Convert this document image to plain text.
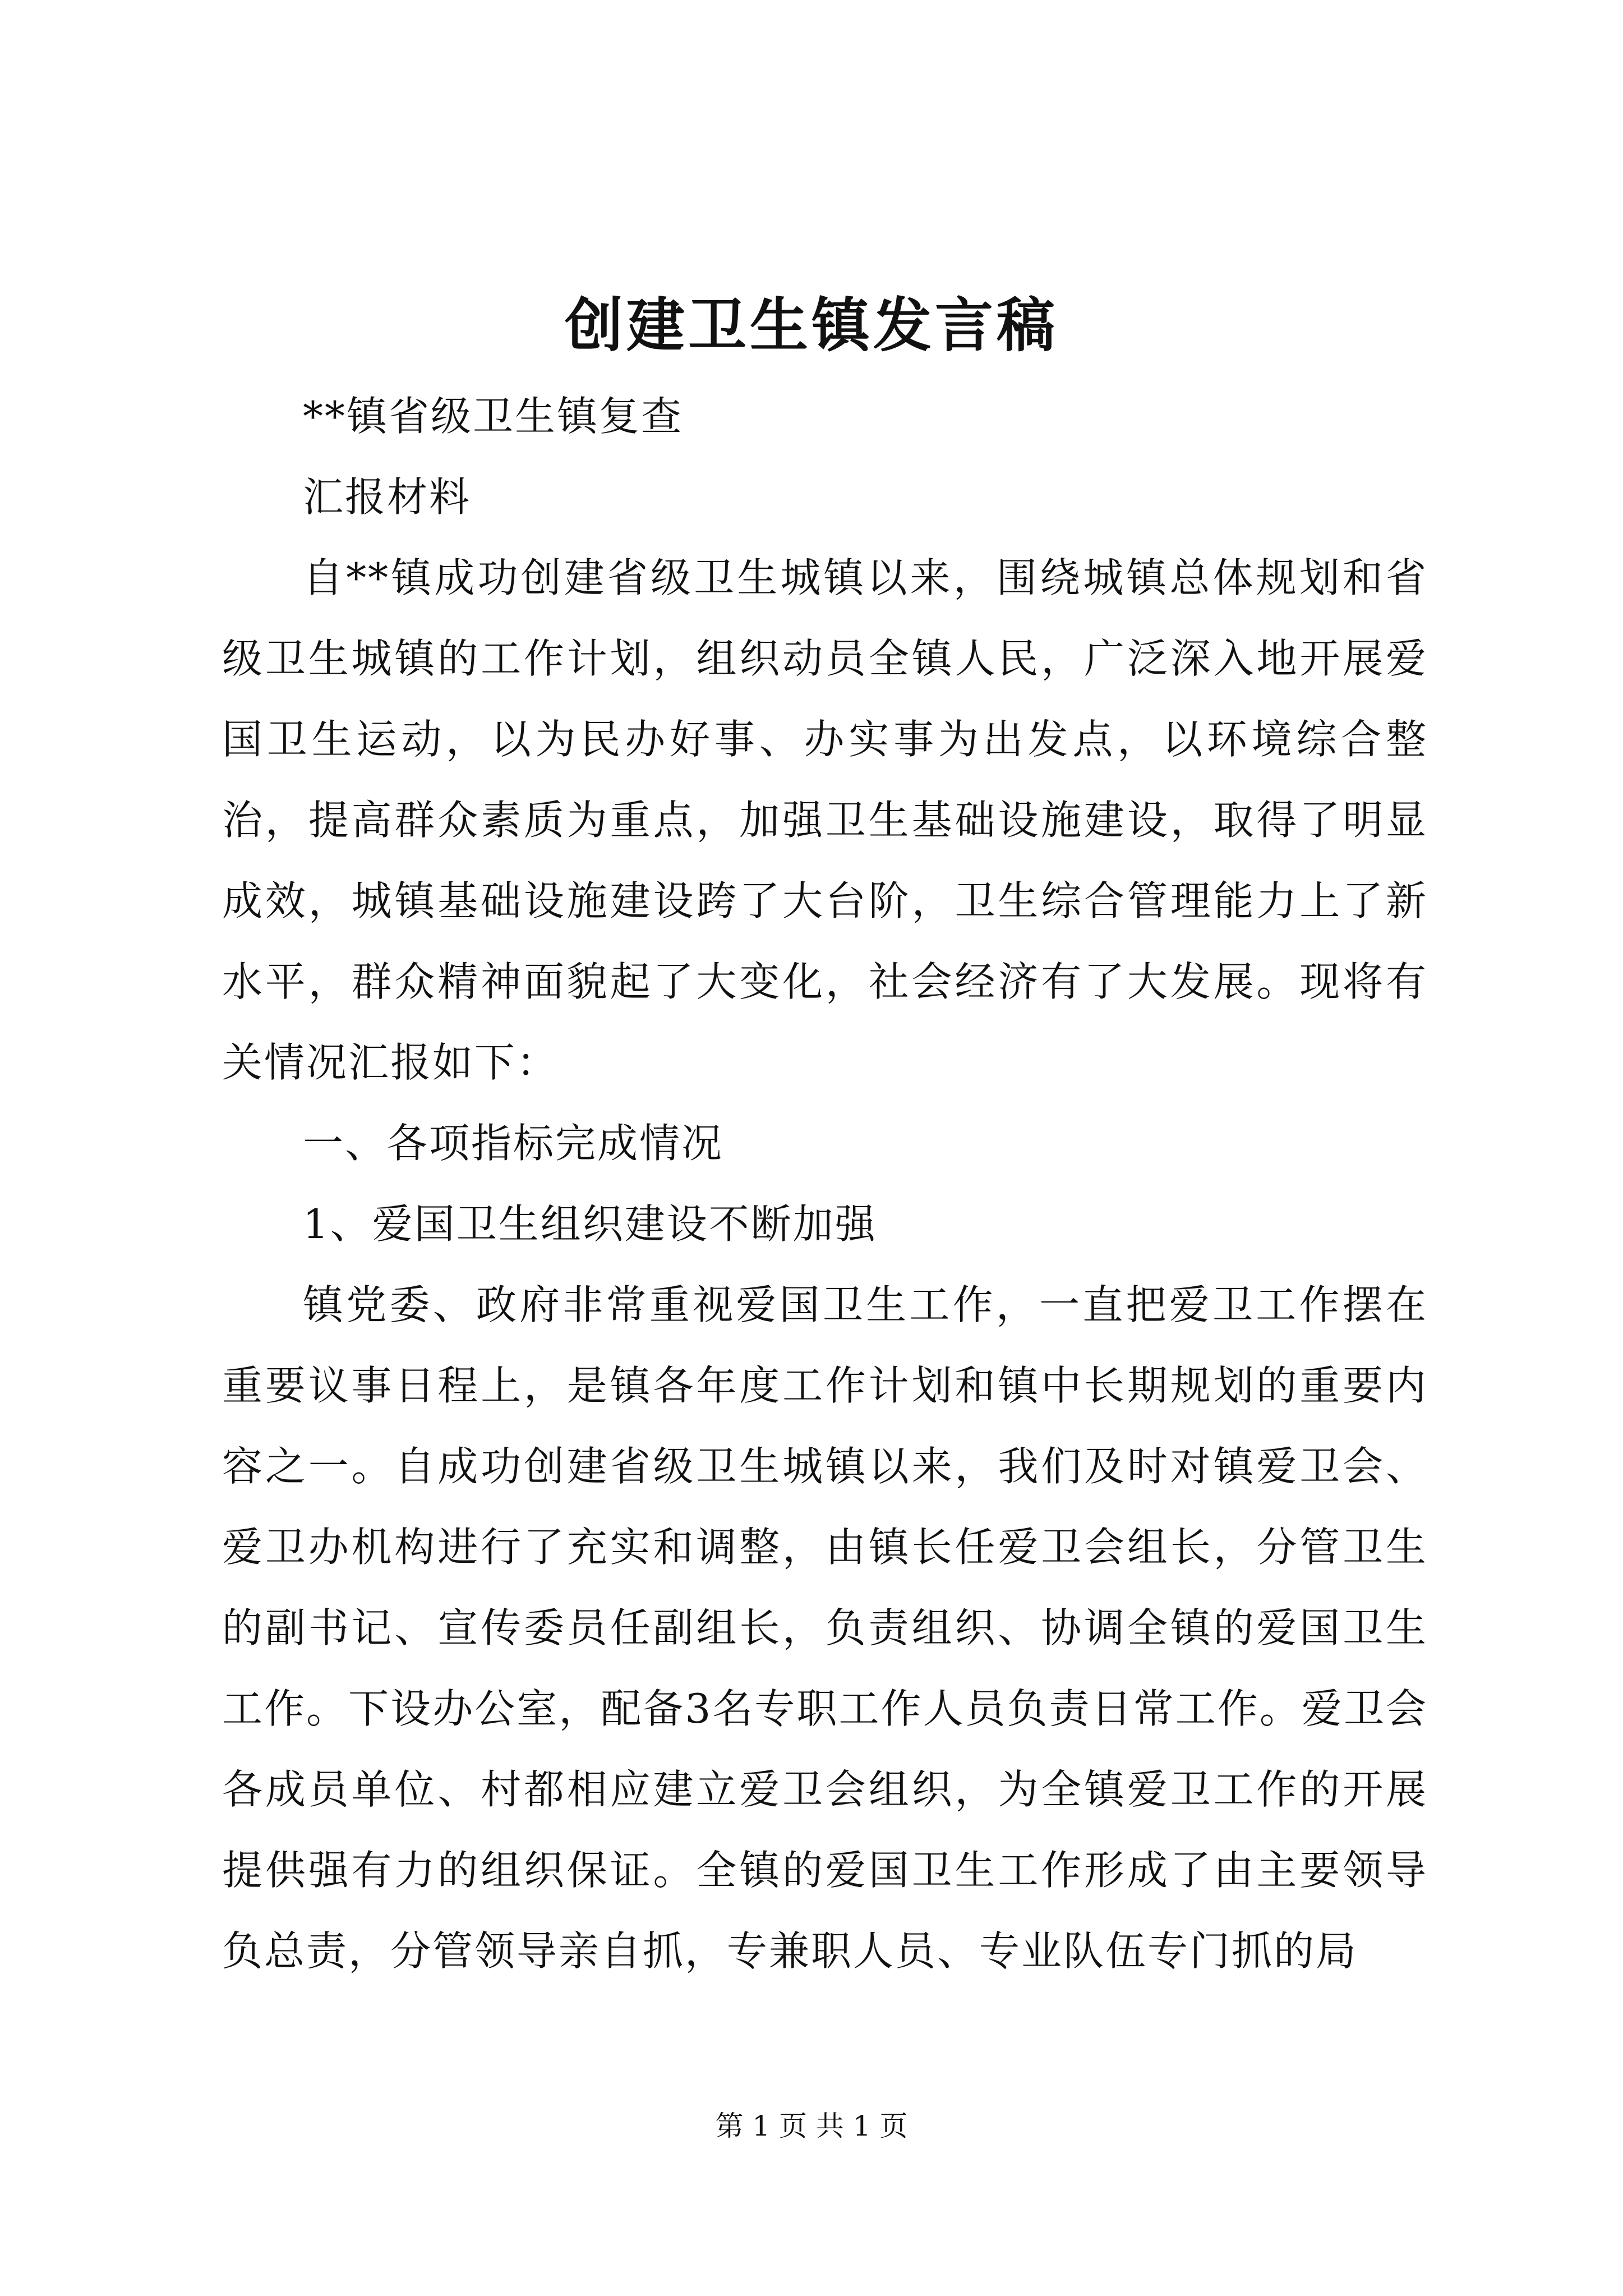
创建卫生镇发言稿

**镇省级卫生镇复查

汇报材料

自**镇成功创建省级卫生城镇以来，围绕城镇总体规划和省级卫生城镇的工作计划，组织动员全镇人民，广泛深入地开展爱国卫生运动，以为民办好事、办实事为出发点，以环境综合整治，提高群众素质为重点，加强卫生基础设施建设，取得了明显成效，城镇基础设施建设跨了大台阶，卫生综合管理能力上了新水平，群众精神面貌起了大变化，社会经济有了大发展。现将有关情况汇报如下：

一、各项指标完成情况

1、爱国卫生组织建设不断加强

镇党委、政府非常重视爱国卫生工作，一直把爱卫工作摆在重要议事日程上，是镇各年度工作计划和镇中长期规划的重要内容之一。自成功创建省级卫生城镇以来，我们及时对镇爱卫会、爱卫办机构进行了充实和调整，由镇长任爱卫会组长，分管卫生的副书记、宣传委员任副组长，负责组织、协调全镇的爱国卫生工作。下设办公室，配备3名专职工作人员负责日常工作。爱卫会各成员单位、村都相应建立爱卫会组织，为全镇爱卫工作的开展提供强有力的组织保证。全镇的爱国卫生工作形成了由主要领导负总责，分管领导亲自抓，专兼职人员、专业队伍专门抓的局

第 1 页 共 1 页
